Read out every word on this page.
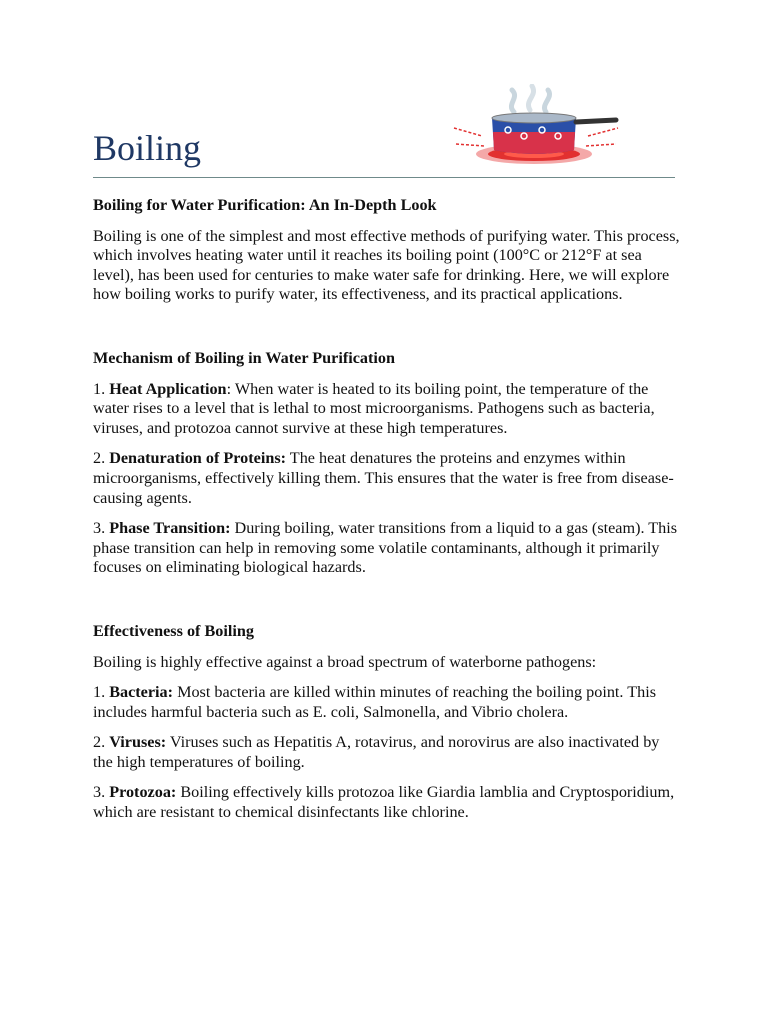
Boiling

Boiling for Water Purification: An In-Depth Look

Boiling is one of the simplest and most effective methods of purifying water. This process, which involves heating water until it reaches its boiling point (100°C or 212°F at sea level), has been used for centuries to make water safe for drinking. Here, we will explore how boiling works to purify water, its effectiveness, and its practical applications.

Mechanism of Boiling in Water Purification

1. Heat Application: When water is heated to its boiling point, the temperature of the water rises to a level that is lethal to most microorganisms. Pathogens such as bacteria, viruses, and protozoa cannot survive at these high temperatures.

2. Denaturation of Proteins: The heat denatures the proteins and enzymes within microorganisms, effectively killing them. This ensures that the water is free from disease-causing agents.

3. Phase Transition: During boiling, water transitions from a liquid to a gas (steam). This phase transition can help in removing some volatile contaminants, although it primarily focuses on eliminating biological hazards.

Effectiveness of Boiling

Boiling is highly effective against a broad spectrum of waterborne pathogens:

1. Bacteria: Most bacteria are killed within minutes of reaching the boiling point. This includes harmful bacteria such as E. coli, Salmonella, and Vibrio cholera.

2. Viruses: Viruses such as Hepatitis A, rotavirus, and norovirus are also inactivated by the high temperatures of boiling.

3. Protozoa: Boiling effectively kills protozoa like Giardia lamblia and Cryptosporidium, which are resistant to chemical disinfectants like chlorine.
